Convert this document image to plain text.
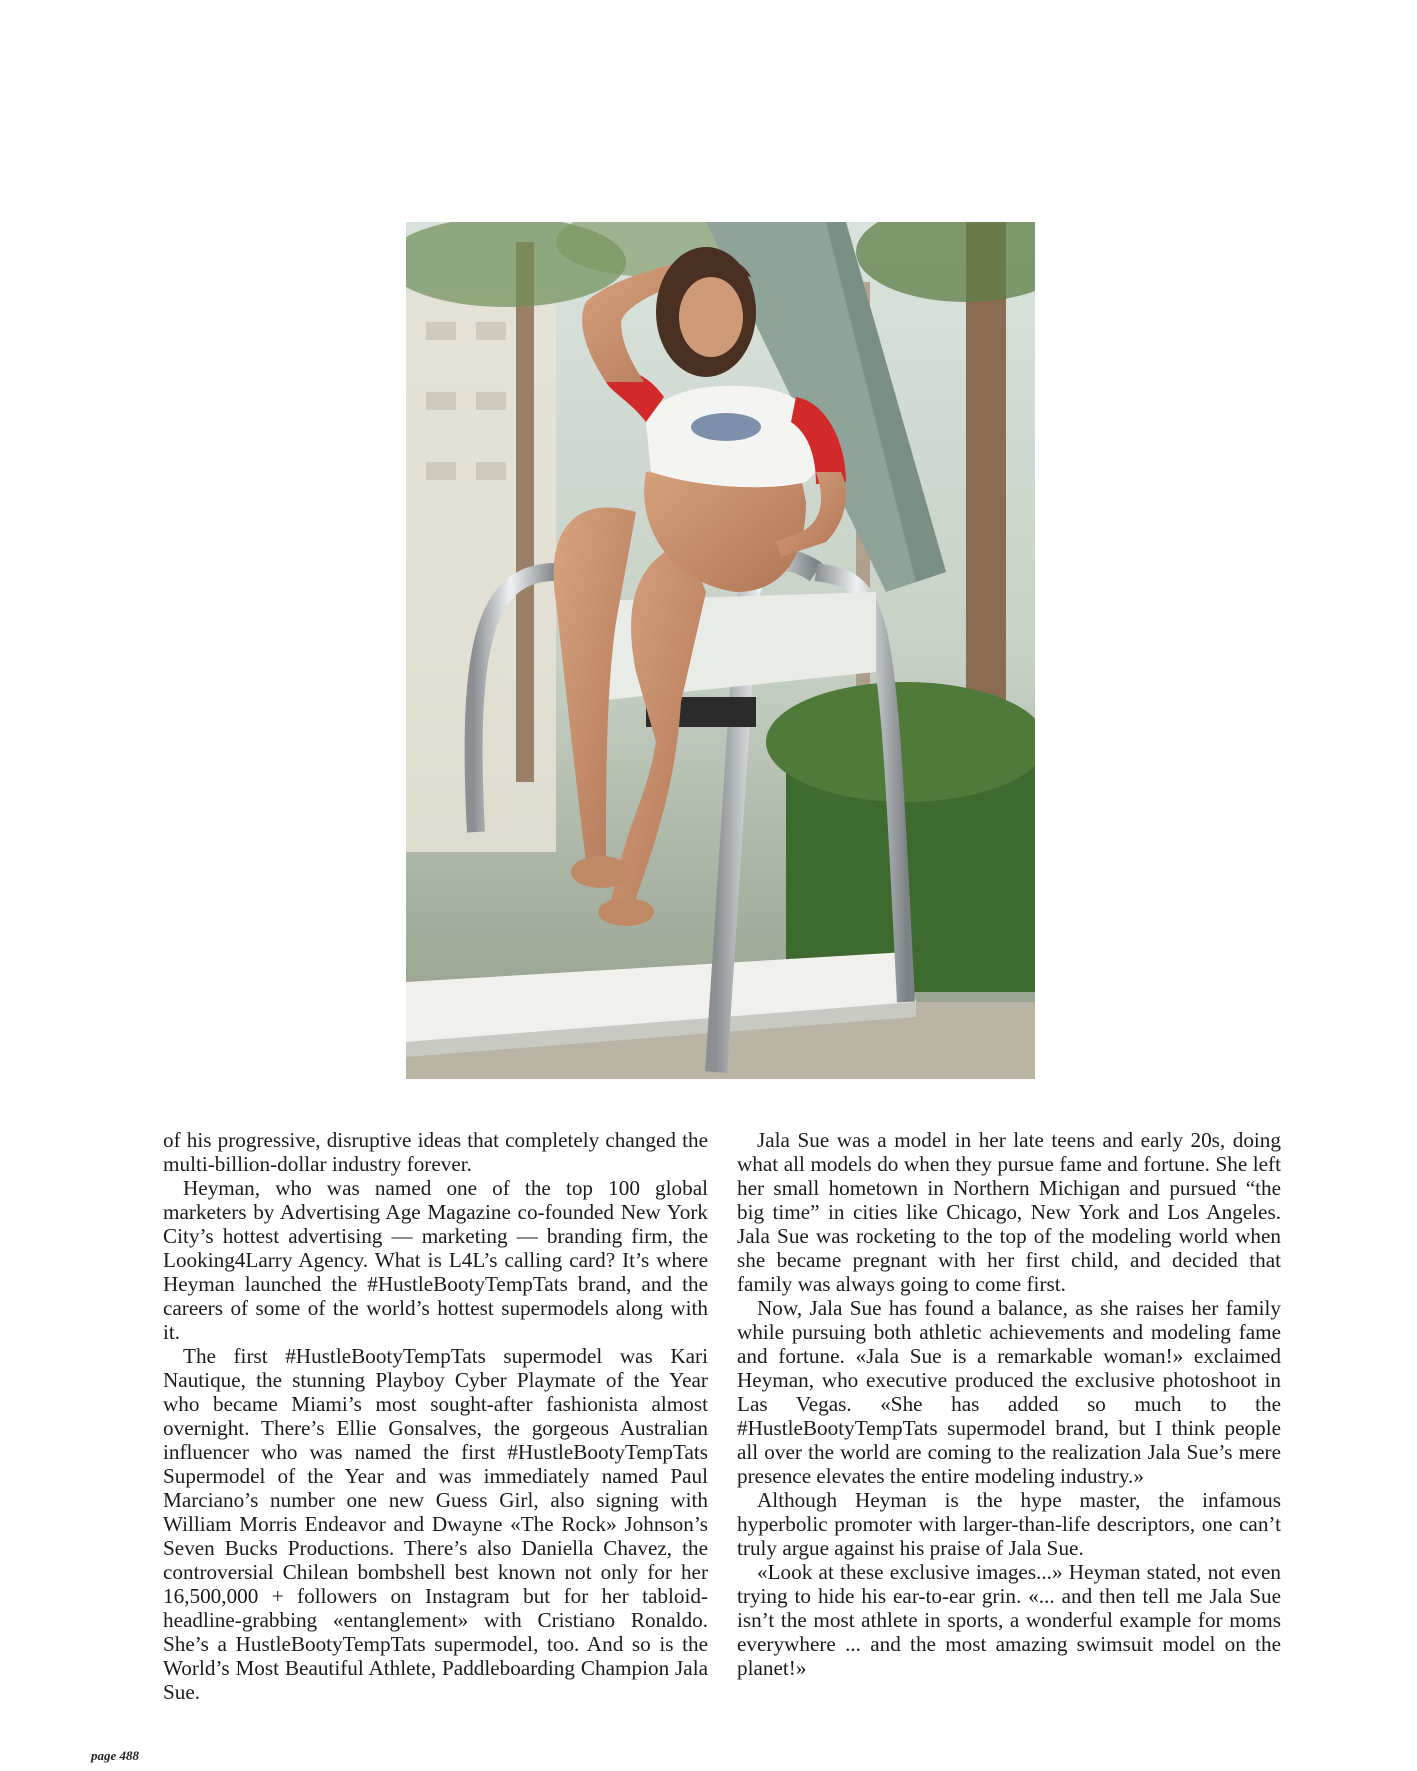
of his progressive, disruptive ideas that completely changed the multi-billion-dollar industry forever.

Heyman, who was named one of the top 100 global marketers by Advertising Age Magazine co-founded New York City’s hottest advertising — marketing — branding firm, the Looking4Larry Agency. What is L4L’s calling card? It’s where Heyman launched the #HustleBootyTempTats brand, and the careers of some of the world’s hottest supermodels along with it.

The first #HustleBootyTempTats supermodel was Kari Nautique, the stunning Playboy Cyber Playmate of the Year who became Miami’s most sought-after fashionista almost overnight. There’s Ellie Gonsalves, the gorgeous Australian influencer who was named the first #HustleBootyTempTats Supermodel of the Year and was immediately named Paul Marciano’s number one new Guess Girl, also signing with William Morris Endeavor and Dwayne «The Rock» Johnson’s Seven Bucks Productions. There’s also Daniella Chavez, the controversial Chilean bombshell best known not only for her 16,500,000 + followers on Instagram but for her tabloid-headline-grabbing «entanglement» with Cristiano Ronaldo. She’s a HustleBootyTempTats supermodel, too. And so is the World’s Most Beautiful Athlete, Paddleboarding Champion Jala Sue.

Jala Sue was a model in her late teens and early 20s, doing what all models do when they pursue fame and fortune. She left her small hometown in Northern Michigan and pursued “the big time” in cities like Chicago, New York and Los Angeles. Jala Sue was rocketing to the top of the modeling world when she became pregnant with her first child, and decided that family was always going to come first.

Now, Jala Sue has found a balance, as she raises her family while pursuing both athletic achievements and modeling fame and fortune. «Jala Sue is a remarkable woman!» exclaimed Heyman, who executive produced the exclusive photoshoot in Las Vegas. «She has added so much to the #HustleBootyTempTats supermodel brand, but I think people all over the world are coming to the realization Jala Sue’s mere presence elevates the entire modeling industry.»

Although Heyman is the hype master, the infamous hyperbolic promoter with larger-than-life descriptors, one can’t truly argue against his praise of Jala Sue.

«Look at these exclusive images...» Heyman stated, not even trying to hide his ear-to-ear grin. «... and then tell me Jala Sue isn’t the most athlete in sports, a wonderful example for moms everywhere ... and the most amazing swimsuit model on the planet!»

page 488
